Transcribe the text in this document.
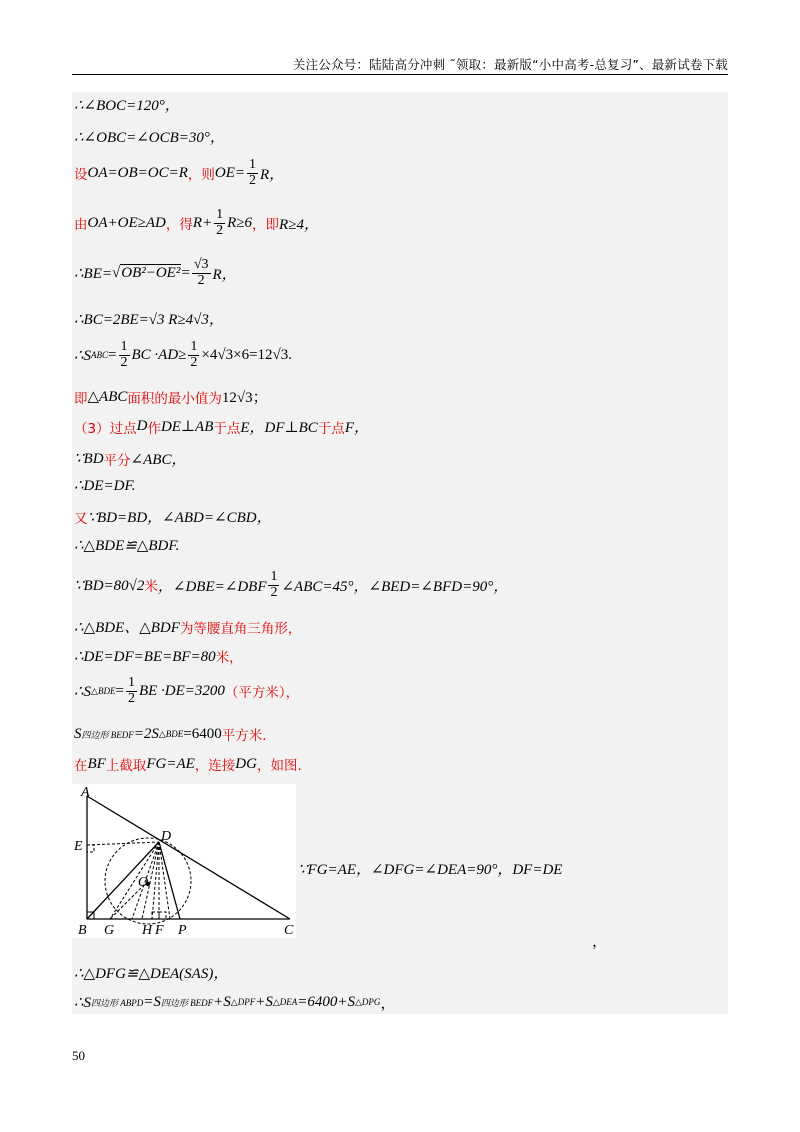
关注公众号：陆陆高分冲刺 ˜领取：最新版“小中高考-总复习”、最新试卷下载
∴∠BOC=120°，
∴∠OBC=∠OCB=30°，
设 OA=OB=OC=R ，则 $OE= \frac{1}{2}$ R，
由 OA+OE≥AD ，得 $R+ \frac{1}{2} R\ge 6$ ，即 R≥4，
∴BE= √ $OB^2-OE^2 = \frac{√3}{2}$ R，
∴BC=2BE=√3 R≥4√3，
∴S ABC = $\frac{1}{2}$ BC $\cdot AD\ge \frac{1}{2} \times 4√3\times 6=12√3$.
即 △ABC 面积的最小值为 12√3；
（3）过点 D 作 DE⊥AB 于点 E，DF⊥BC 于点 F，
∵BD 平分 ∠ABC，
∴DE=DF.
又 ∵BD=BD，∠ABD=∠CBD，
∴△BDE≌△BDF.
∵BD=80√2 米 ，∠DBE=∠DBF $\frac{1}{2}$ ∠ABC=45°，∠BED=∠BFD=90°，
∴△BDE、△BDF 为等腰直角三角形，
∴DE=DF=BE=BF=80 米，
∴S △BDE = $\frac{1}{2}$ BE ·DE=3200 （平方米），
S 四边形 BEDF =2S △BDE =6400 平方米.
在 BF 上截取 FG=AE ，连接 DG ，如图.
∵FG=AE，∠DFG=∠DEA=90°，DF=DE
，
∴△DFG≌△DEA(SAS)，
∴S 四边形 ABPD =S 四边形 BEDF +S △DPF +S △DEA =6400+S △DPG ，
A
E
D
O
B G H F P	C
50
